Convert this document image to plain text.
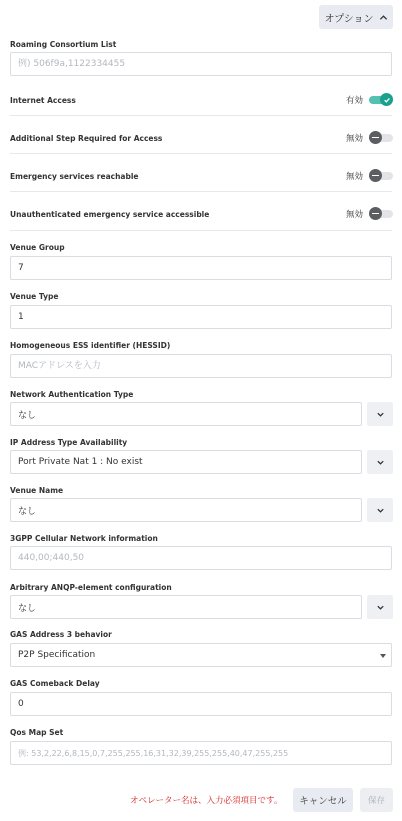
オプション
Roaming Consortium List
例) 506f9a,1122334455
Internet Access	有効
Additional Step Required for Access	無効
Emergency services reachable	無効
Unauthenticated emergency service accessible	無効
Venue Group
7
Venue Type
1
Homogeneous ESS identifier (HESSID)
MACアドレスを入力
Network Authentication Type
なし
IP Address Type Availability
Port Private Nat 1 : No exist
Venue Name
なし
3GPP Cellular Network information
440,00;440,50
Arbitrary ANQP-element configuration
なし
GAS Address 3 behavior
P2P Specification
GAS Comeback Delay
0
Qos Map Set
例: 53,2,22,6,8,15,0,7,255,255,16,31,32,39,255,255,40,47,255,255
オペレーター名は、入力必須項目です。	キャンセル	保存
